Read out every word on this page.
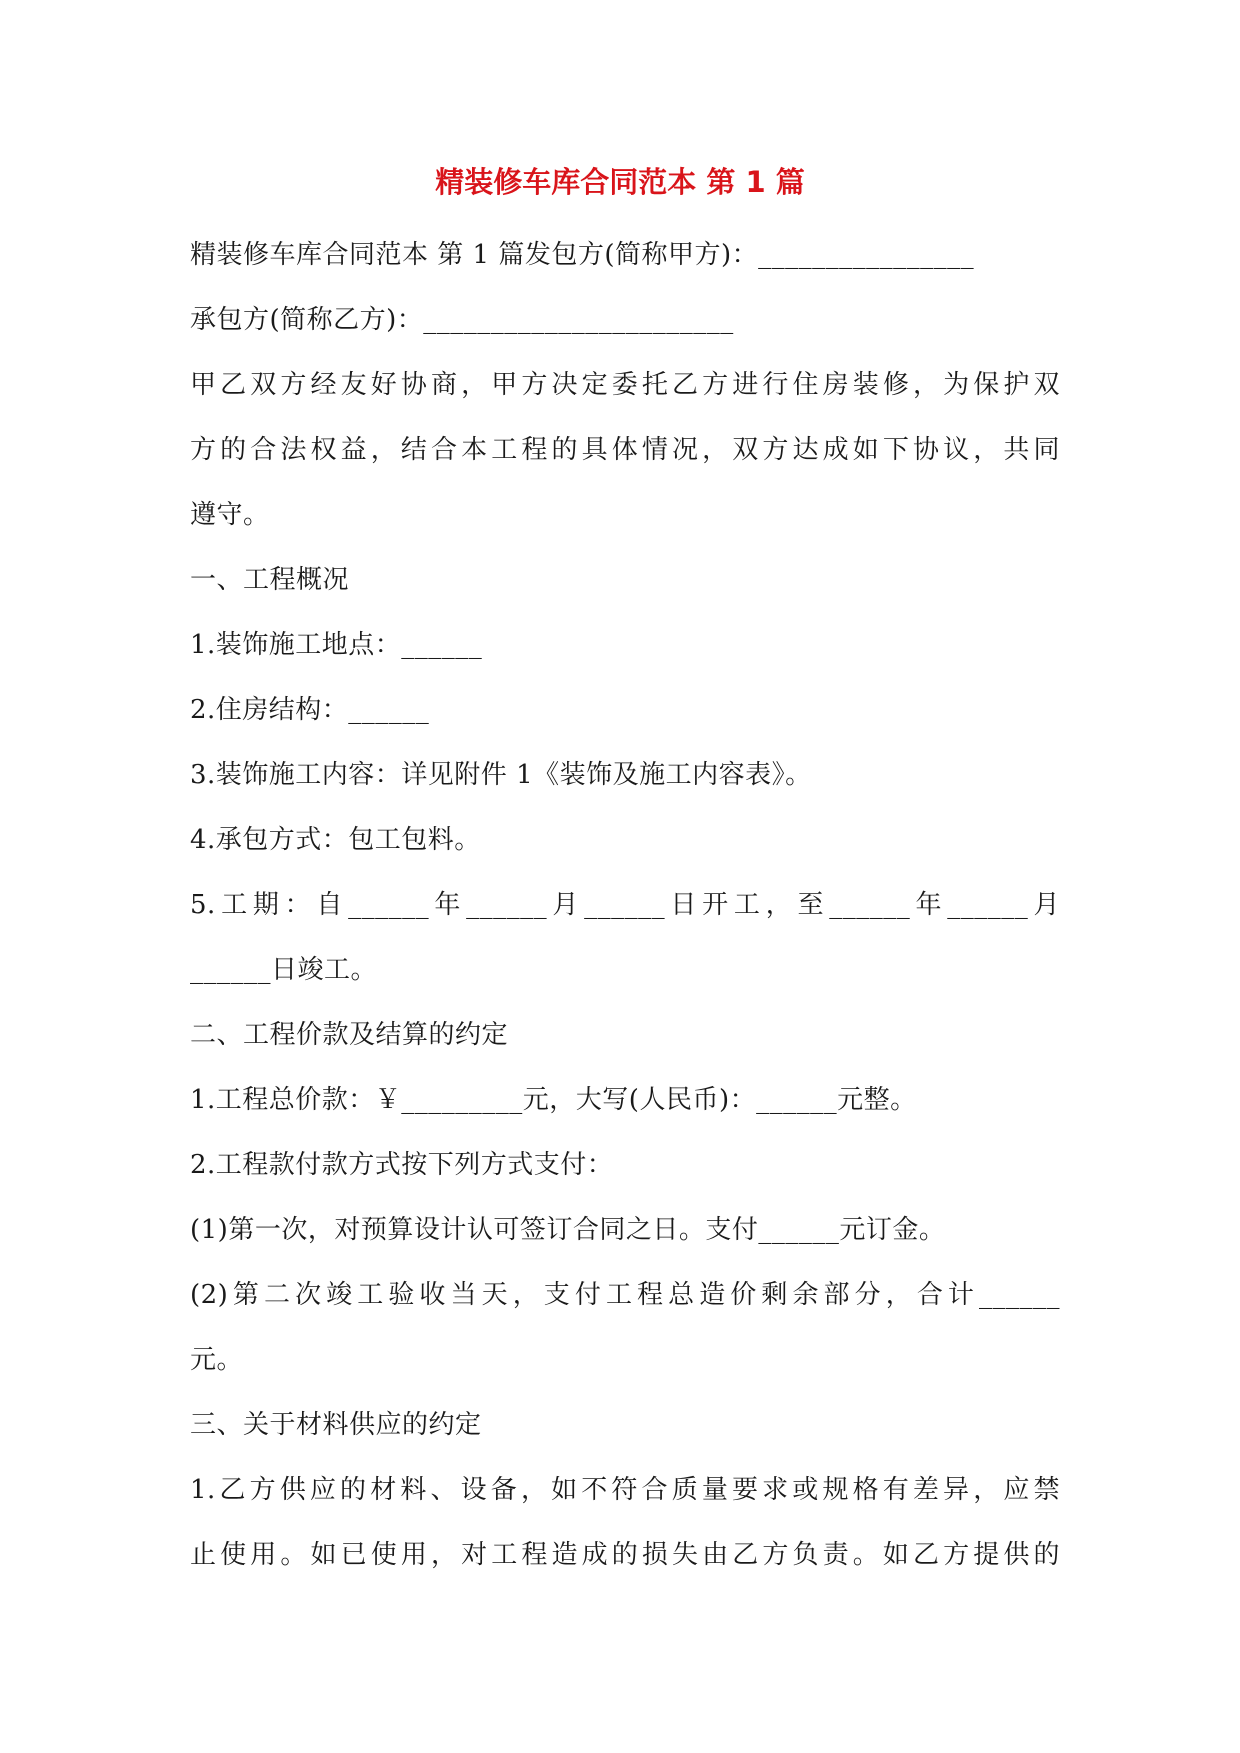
精装修车库合同范本 第 1 篇

精装修车库合同范本 第 1 篇发包方(简称甲方)：________________

承包方(简称乙方)：_______________________

甲乙双方经友好协商，甲方决定委托乙方进行住房装修，为保护双

方的合法权益，结合本工程的具体情况，双方达成如下协议，共同

遵守。

一、工程概况

1.装饰施工地点：______

2.住房结构：______

3.装饰施工内容：详见附件 1《装饰及施工内容表》。

4.承包方式：包工包料。

5.工期：自______年______月______日开工，至______年______月

______日竣工。

二、工程价款及结算的约定

1.工程总价款：￥_________元，大写(人民币)：______元整。

2.工程款付款方式按下列方式支付：

(1)第一次，对预算设计认可签订合同之日。支付______元订金。

(2)第二次竣工验收当天，支付工程总造价剩余部分，合计______

元。

三、关于材料供应的约定

1.乙方供应的材料、设备，如不符合质量要求或规格有差异，应禁

止使用。如已使用，对工程造成的损失由乙方负责。如乙方提供的
